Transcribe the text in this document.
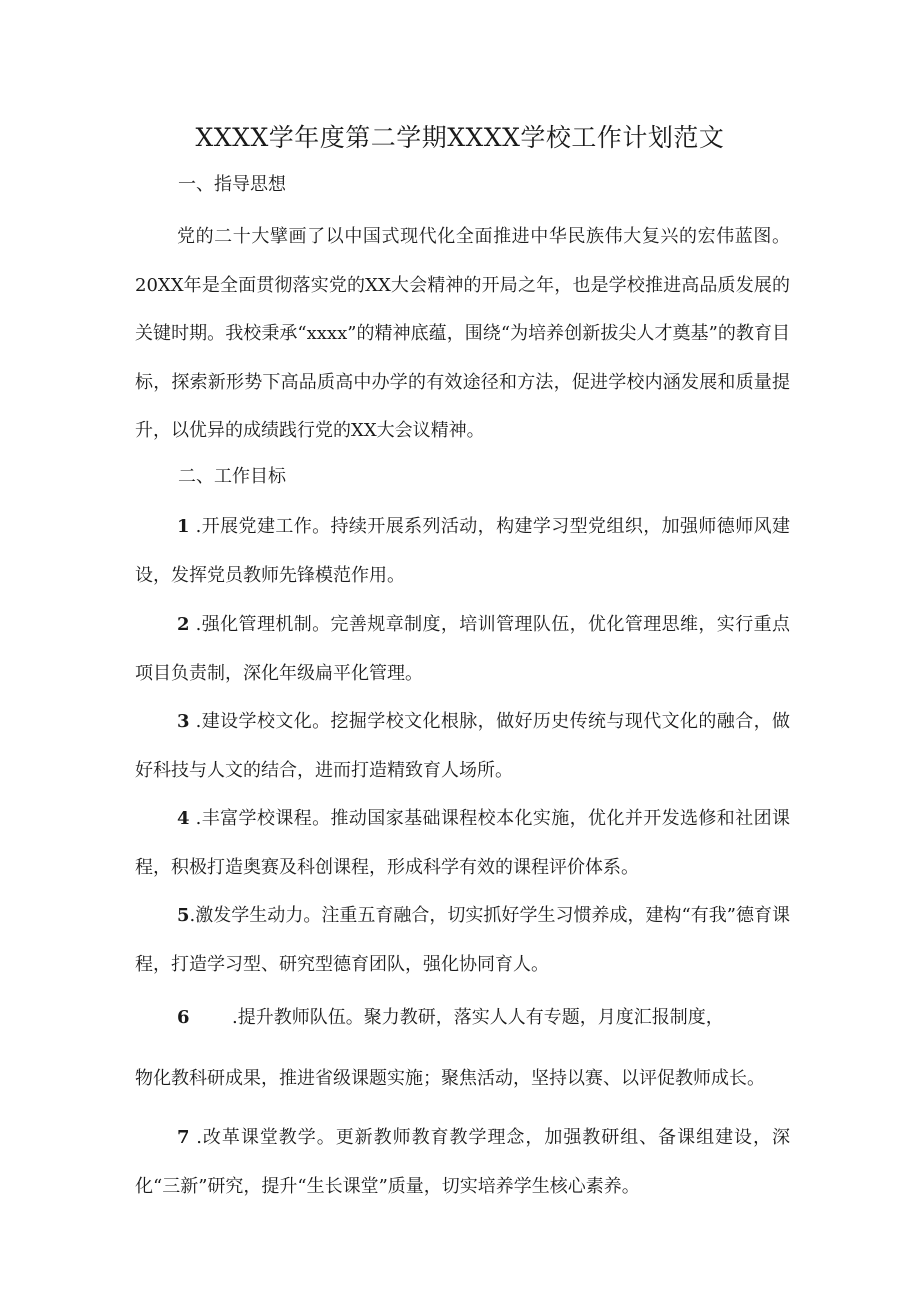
XXXX学年度第二学期XXXX学校工作计划范文
一、指导思想

党的二十大擘画了以中国式现代化全面推进中华民族伟大复兴的宏伟蓝图。20XX年是全面贯彻落实党的XX大会精神的开局之年，也是学校推进高品质发展的关键时期。我校秉承“xxxx”的精神底蕴，围绕“为培养创新拔尖人才奠基”的教育目标，探索新形势下高品质高中办学的有效途径和方法，促进学校内涵发展和质量提升，以优异的成绩践行党的XX大会议精神。

二、工作目标

1 .开展党建工作。持续开展系列活动，构建学习型党组织，加强师德师风建设，发挥党员教师先锋模范作用。

2 .强化管理机制。完善规章制度，培训管理队伍，优化管理思维，实行重点项目负责制，深化年级扁平化管理。

3 .建设学校文化。挖掘学校文化根脉，做好历史传统与现代文化的融合，做好科技与人文的结合，进而打造精致育人场所。

4 .丰富学校课程。推动国家基础课程校本化实施，优化并开发选修和社团课程，积极打造奥赛及科创课程，形成科学有效的课程评价体系。

5.激发学生动力。注重五育融合，切实抓好学生习惯养成，建构“有我”德育课程，打造学习型、研究型德育团队，强化协同育人。

6 .提升教师队伍。聚力教研，落实人人有专题，月度汇报制度，
物化教科研成果，推进省级课题实施；聚焦活动，坚持以赛、以评促教师成长。

7 .改革课堂教学。更新教师教育教学理念，加强教研组、备课组建设，深化“三新”研究，提升“生长课堂”质量，切实培养学生核心素养。
